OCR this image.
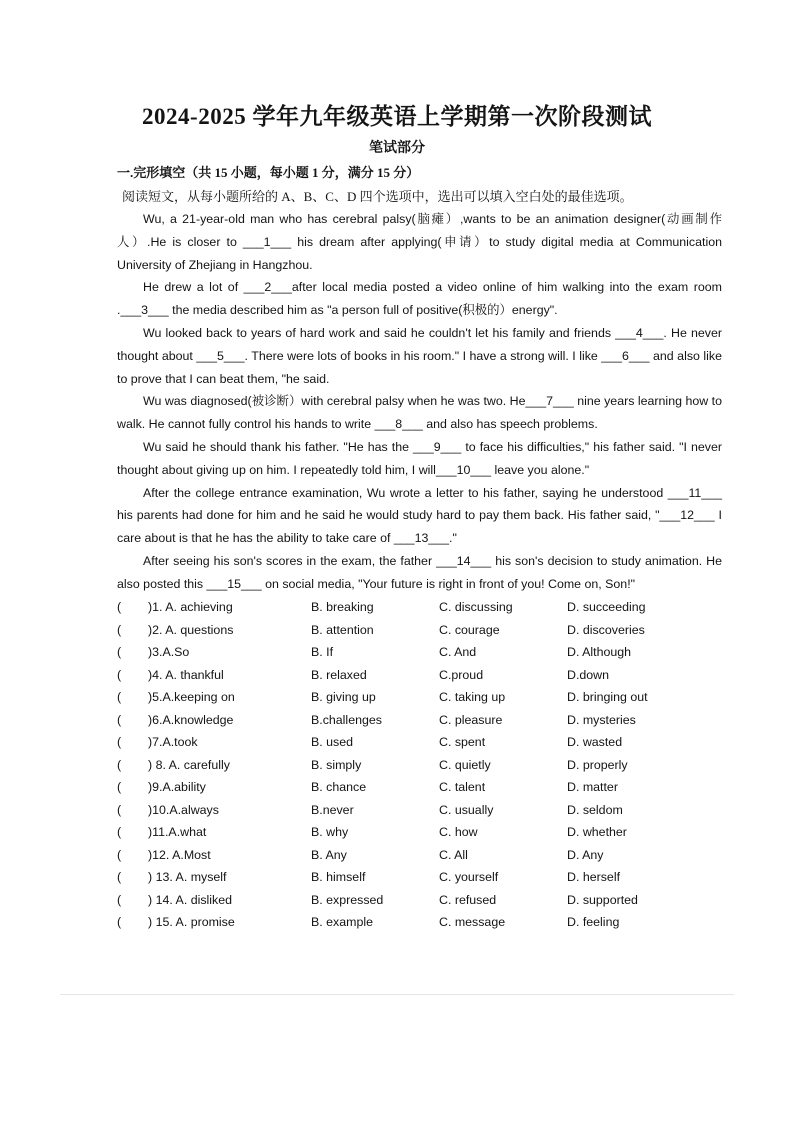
2024-2025 学年九年级英语上学期第一次阶段测试
笔试部分
一.完形填空（共 15 小题，每小题 1 分，满分 15 分）
阅读短文，从每小题所给的 A、B、C、D 四个选项中，选出可以填入空白处的最佳选项。

Wu, a 21-year-old man who has cerebral palsy(脑瘫）,wants to be an animation designer(动画制作人）.He is closer to ___1___ his dream after applying(申请）to study digital media at Communication University of Zhejiang in Hangzhou.

He drew a lot of ___2___after local media posted a video online of him walking into the exam room .___3___ the media described him as "a person full of positive(积极的）energy".

Wu looked back to years of hard work and said he couldn't let his family and friends ___4___. He never thought about ___5___. There were lots of books in his room." I have a strong will. I like ___6___ and also like to prove that I can beat them, "he said.

Wu was diagnosed(被诊断）with cerebral palsy when he was two. He___7___ nine years learning how to walk. He cannot fully control his hands to write ___8___ and also has speech problems.

Wu said he should thank his father. "He has the ___9___ to face his difficulties," his father said. "I never thought about giving up on him. I repeatedly told him, I will___10___ leave you alone."

After the college entrance examination, Wu wrote a letter to his father, saying he understood ___11___ his parents had done for him and he said he would study hard to pay them back. His father said, "___12___ I care about is that he has the ability to take care of ___13___."

After seeing his son's scores in the exam, the father ___14___ his son's decision to study animation. He also posted this ___15___ on social media, "Your future is right in front of you! Come on, Son!"

( )1. A. achieving	B. breaking	C. discussing	D. succeeding
( )2. A. questions	B. attention	C. courage	D. discoveries
( )3.A.So	B. If	C. And	D. Although
( )4. A. thankful	B. relaxed	C.proud	D.down
( )5.A.keeping on	B. giving up	C. taking up	D. bringing out
( )6.A.knowledge	B.challenges	C. pleasure	D. mysteries
( )7.A.took	B. used	C. spent	D. wasted
( ) 8. A. carefully	B. simply	C. quietly	D. properly
( )9.A.ability	B. chance	C. talent	D. matter
( )10.A.always	B.never	C. usually	D. seldom
( )11.A.what	B. why	C. how	D. whether
( )12. A.Most	B. Any	C. All	D. Any
( ) 13. A. myself	B. himself	C. yourself	D. herself
( ) 14. A. disliked	B. expressed	C. refused	D. supported
( ) 15. A. promise	B. example	C. message	D. feeling
